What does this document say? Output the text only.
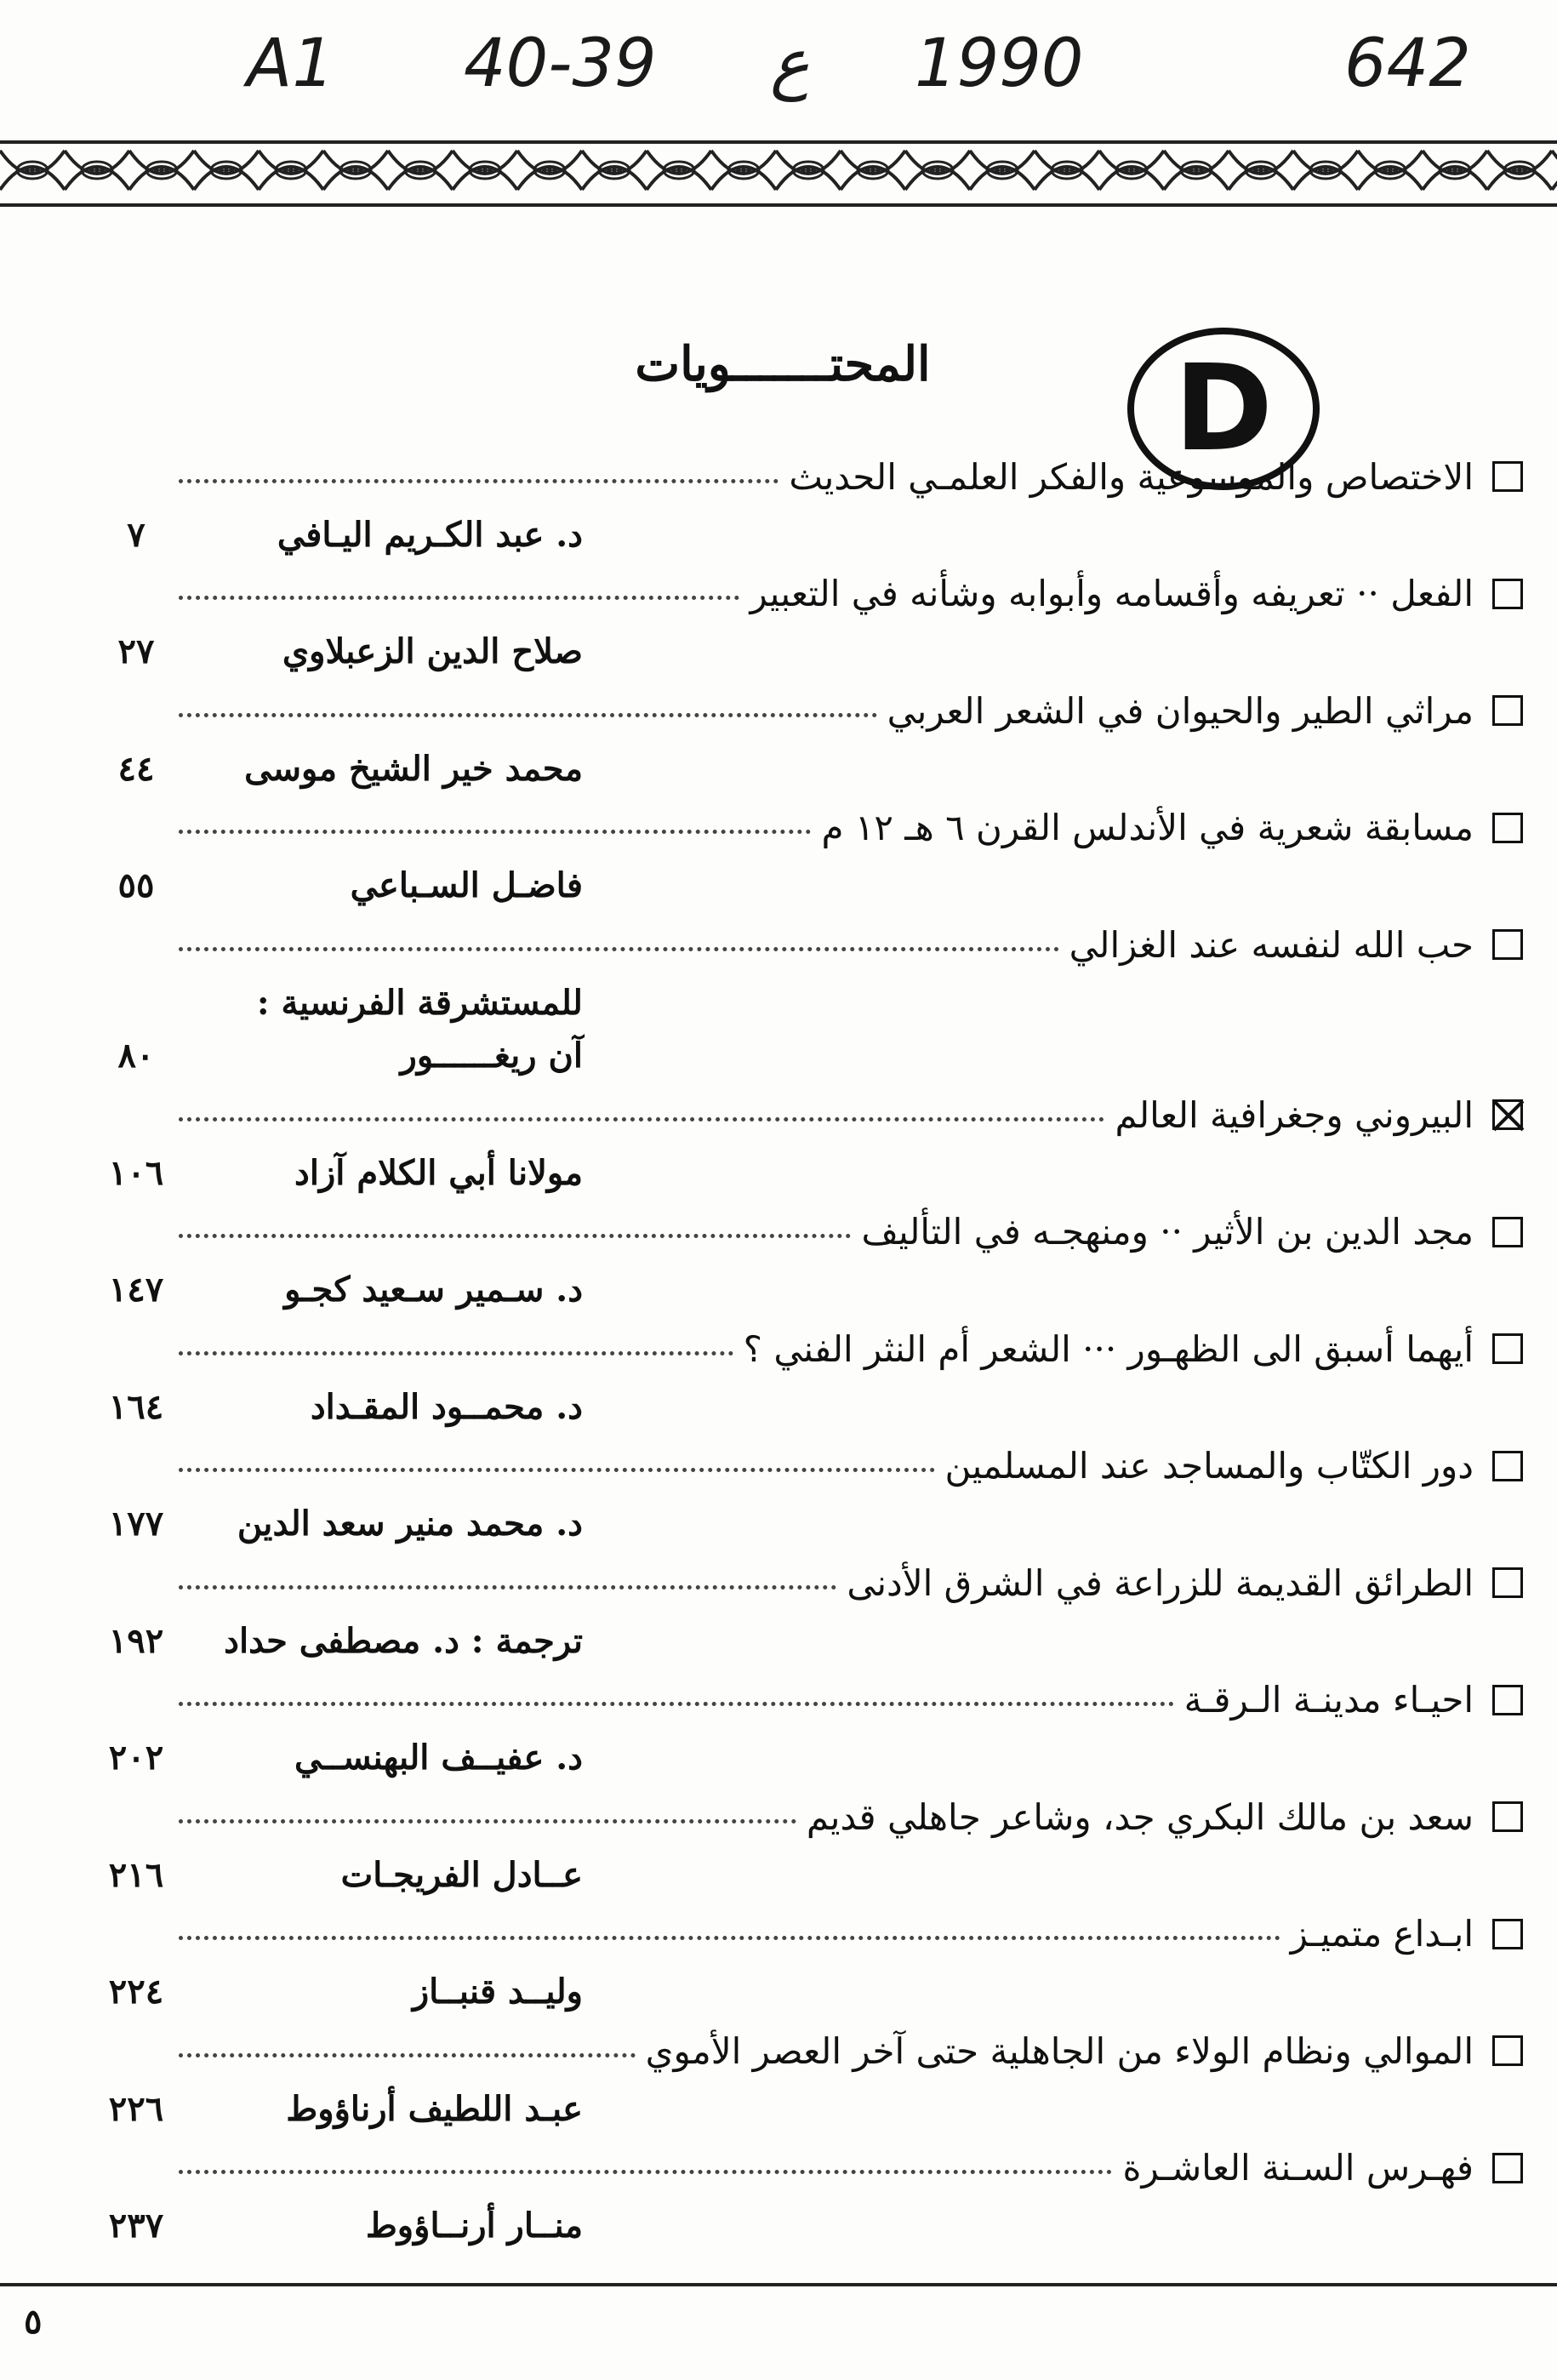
A1 40-39 ع 1990	642
D
المحتـــــــويات
الاختصاص والموسوعية والفكر العلمـي الحديث
د. عبد الكـريم اليـافي
٧
الفعل ·· تعريفه وأقسامه وأبوابه وشأنه في التعبير
صلاح الدين الزعبلاوي
٢٧
مراثي الطير والحيوان في الشعر العربي
محمد خير الشيخ موسى
٤٤
مسابقة شعرية في الأندلس القرن ٦ هـ ١٢ م
فاضـل السـباعي
٥٥
حب الله لنفسه عند الغزالي
للمستشرقة الفرنسية :
آن ريغــــــور
٨٠
البيروني وجغرافية العالم
مولانا أبي الكلام آزاد
١٠٦
مجد الدين بن الأثير ·· ومنهجـه في التأليف
د. سـمير سـعيد كجـو
١٤٧
أيهما أسبق الى الظهـور ··· الشعر أم النثر الفني ؟
د. محمــود المقـداد
١٦٤
دور الكتّاب والمساجد عند المسلمين
د. محمد منير سعد الدين
١٧٧
الطرائق القديمة للزراعة في الشرق الأدنى
ترجمة : د. مصطفى حداد
١٩٢
احيـاء مدينـة الـرقـة
د. عفيــف البهنســي
٢٠٢
سعد بن مالك البكري جد، وشاعر جاهلي قديم
عــادل الفريجـات
٢١٦
ابـداع متميـز
وليــد قنبــاز
٢٢٤
الموالي ونظام الولاء من الجاهلية حتى آخر العصر الأموي
عبـد اللطيف أرناؤوط
٢٢٦
فهـرس السـنة العاشـرة
منــار أرنــاؤوط
٢٣٧
٥
